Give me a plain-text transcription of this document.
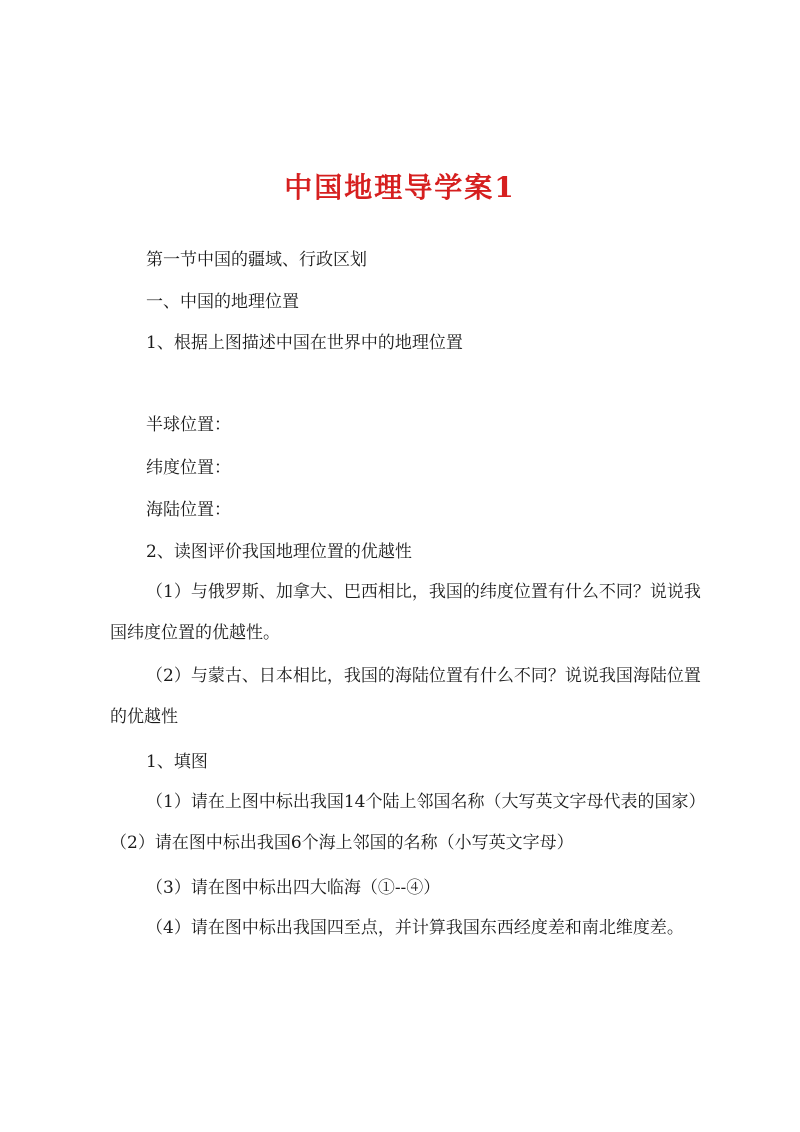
中国地理导学案1
第一节中国的疆域、行政区划
一、中国的地理位置
1、根据上图描述中国在世界中的地理位置
半球位置：
纬度位置：
海陆位置：
2、读图评价我国地理位置的优越性
（1）与俄罗斯、加拿大、巴西相比，我国的纬度位置有什么不同？说说我国纬度位置的优越性。
（2）与蒙古、日本相比，我国的海陆位置有什么不同？说说我国海陆位置的优越性
1、填图
（1）请在上图中标出我国14个陆上邻国名称（大写英文字母代表的国家）（2）请在图中标出我国6个海上邻国的名称（小写英文字母）
（3）请在图中标出四大临海（①--④）
（4）请在图中标出我国四至点，并计算我国东西经度差和南北维度差。
